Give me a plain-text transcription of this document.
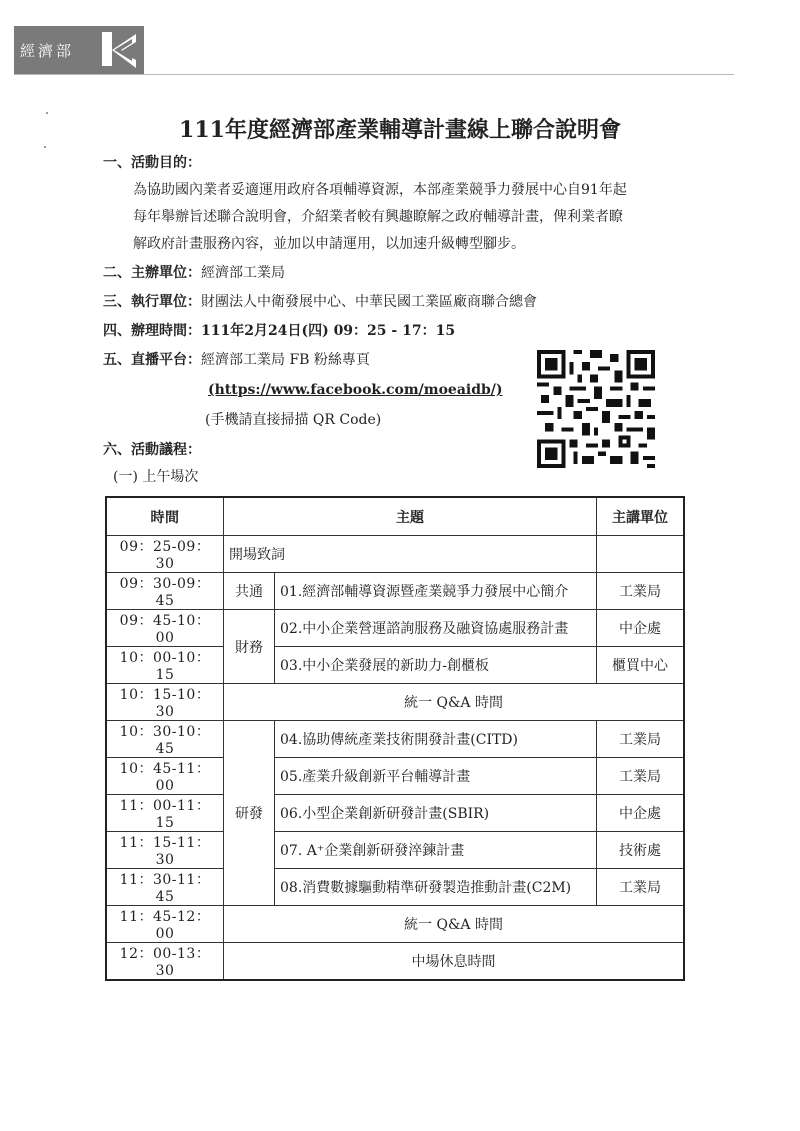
經濟部
111年度經濟部產業輔導計畫線上聯合說明會
一、活動目的：
為協助國內業者妥適運用政府各項輔導資源，本部產業競爭力發展中心自91年起
每年舉辦旨述聯合說明會，介紹業者較有興趣瞭解之政府輔導計畫，俾利業者瞭
解政府計畫服務內容，並加以申請運用，以加速升級轉型腳步。
二、主辦單位：經濟部工業局
三、執行單位：財團法人中衛發展中心、中華民國工業區廠商聯合總會
四、辦理時間：111年2月24日(四) 09：25 - 17：15
五、直播平台：經濟部工業局 FB 粉絲專頁
(https://www.facebook.com/moeaidb/)
(手機請直接掃描 QR Code)
六、活動議程：
(一) 上午場次
時間	主題		主講單位
09：25-09：30	開場致詞		
09：30-09：45	共通	01.經濟部輔導資源暨產業競爭力發展中心簡介	工業局
09：45-10：00	財務	02.中小企業營運諮詢服務及融資協處服務計畫	中企處
10：00-10：15		03.中小企業發展的新助力-創櫃板	櫃買中心
10：15-10：30	統一 Q&A 時間		
10：30-10：45	研發	04.協助傳統產業技術開發計畫(CITD)	工業局
10：45-11：00		05.產業升級創新平台輔導計畫	工業局
11：00-11：15		06.小型企業創新研發計畫(SBIR)	中企處
11：15-11：30		07. A⁺企業創新研發淬鍊計畫	技術處
11：30-11：45		08.消費數據驅動精準研發製造推動計畫(C2M)	工業局
11：45-12：00	統一 Q&A 時間		
12：00-13：30	中場休息時間		
